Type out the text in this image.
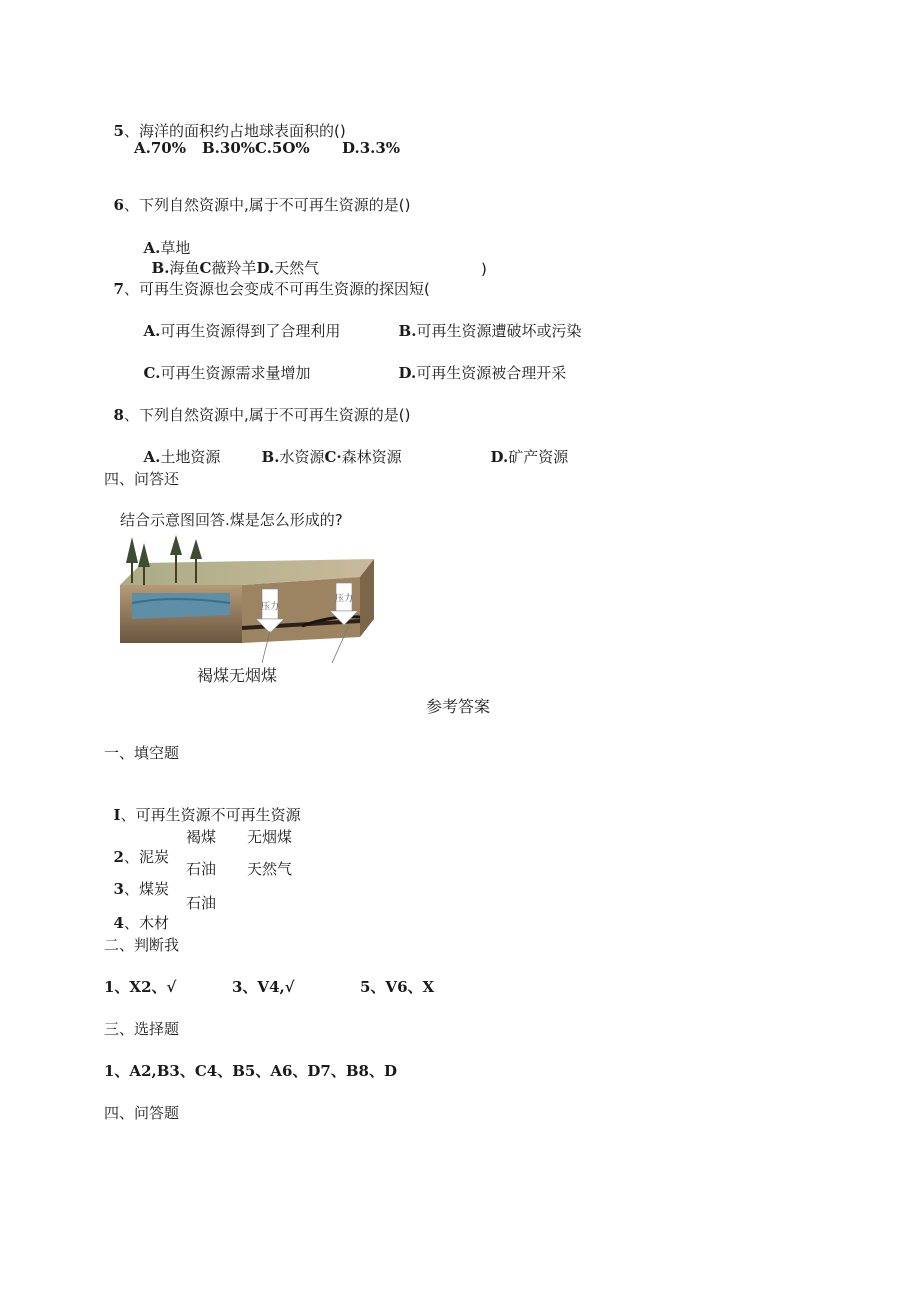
5、海洋的面积约占地球表面积的()

A.70% B.30%C.5O% D.3.3%

6、下列自然资源中,属于不可再生资源的是()

A.草地
B.海鱼C薇羚羊D.天然气

7、可再生资源也会变成不可再生资源的探因短(

)

A.可再生资源得到了合理利用	B.可再生资源遭破坏或污染

C.可再生资源需求量增加	D.可再生资源被合理开采

8、下列自然资源中,属于不可再生资源的是()

A.土地资源	B.水资源C·森林资源	D.矿产资源

四、问答还
结合示意图回答.煤是怎么形成的?
压力
压力
褐煤无烟煤
参考答案
一、填空题

I、可再生资源不可再生资源

2、泥炭

褐煤 无烟煤

3、煤炭

石油 天然气

4、木材

石油
二、判断我
1、X2、√	3、V4,√	5、V6、X
三、选择题
1、A2,B3、C4、B5、A6、D7、B8、D
四、问答题
